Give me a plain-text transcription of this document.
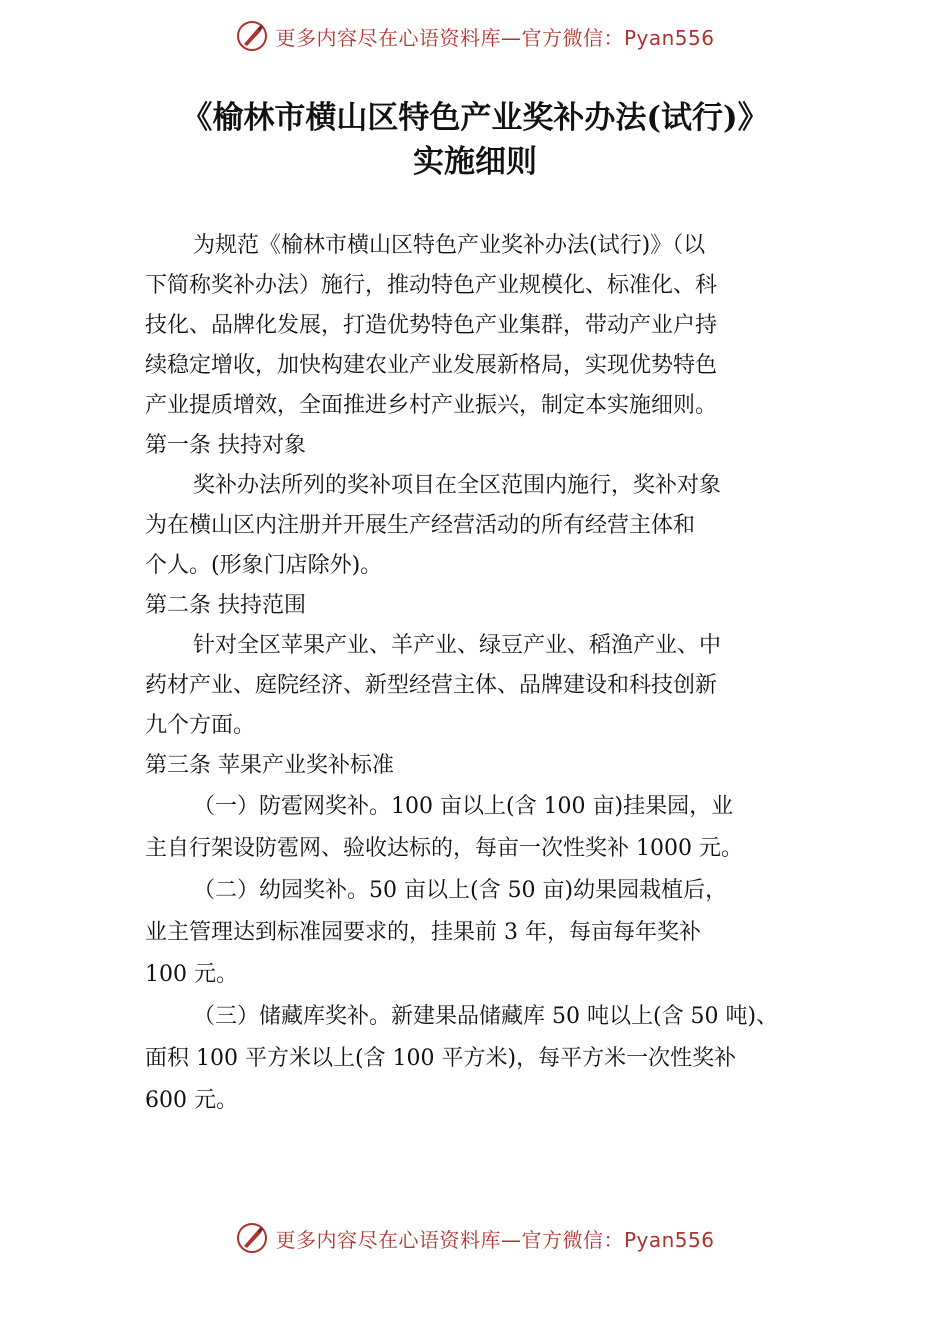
更多内容尽在心语资料库—官方微信：Pyan556
《榆林市横山区特色产业奖补办法(试行)》
实施细则

为规范《榆林市横山区特色产业奖补办法(试行)》（以

下简称奖补办法）施行，推动特色产业规模化、标准化、科

技化、品牌化发展，打造优势特色产业集群，带动产业户持

续稳定增收，加快构建农业产业发展新格局，实现优势特色

产业提质增效，全面推进乡村产业振兴，制定本实施细则。

第一条 扶持对象

奖补办法所列的奖补项目在全区范围内施行，奖补对象

为在横山区内注册并开展生产经营活动的所有经营主体和

个人。(形象门店除外)。

第二条 扶持范围

针对全区苹果产业、羊产业、绿豆产业、稻渔产业、中

药材产业、庭院经济、新型经营主体、品牌建设和科技创新

九个方面。

第三条 苹果产业奖补标准

（一）防雹网奖补。100 亩以上(含 100 亩)挂果园，业

主自行架设防雹网、验收达标的，每亩一次性奖补 1000 元。

（二）幼园奖补。50 亩以上(含 50 亩)幼果园栽植后，

业主管理达到标准园要求的，挂果前 3 年，每亩每年奖补

100 元。

（三）储藏库奖补。新建果品储藏库 50 吨以上(含 50 吨)、

面积 100 平方米以上(含 100 平方米)，每平方米一次性奖补

600 元。

更多内容尽在心语资料库—官方微信：Pyan556
